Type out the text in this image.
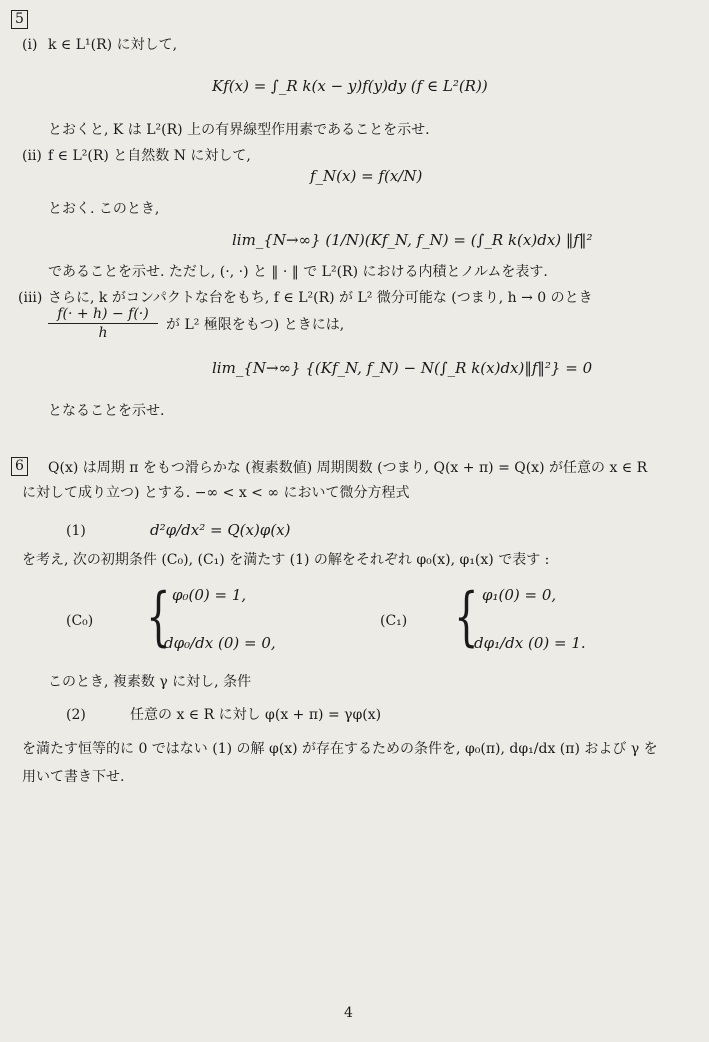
5
(i) k ∈ L¹(R) に対して,
Kf(x) = ∫_R k(x − y)f(y)dy (f ∈ L²(R))
とおくと, K は L²(R) 上の有界線型作用素であることを示せ.
(ii) f ∈ L²(R) と自然数 N に対して,
f_N(x) = f(x/N)
とおく. このとき,
lim_{N→∞} (1/N)(Kf_N, f_N) = (∫_R k(x)dx) ‖f‖²
であることを示せ. ただし, (·, ·) と ‖ · ‖ で L²(R) における内積とノルムを表す.
(iii) さらに, k がコンパクトな台をもち, f ∈ L²(R) が L² 微分可能な (つまり, h → 0 のとき
f(· + h) − f(·)
h	が L² 極限をもつ) ときには,
lim_{N→∞} {(Kf_N, f_N) − N(∫_R k(x)dx)‖f‖²} = 0
となることを示せ.
6 Q(x) は周期 π をもつ滑らかな (複素数値) 周期関数 (つまり, Q(x + π) = Q(x) が任意の x ∈ R
に対して成り立つ) とする. −∞ < x < ∞ において微分方程式
(1)	d²φ/dx² = Q(x)φ(x)
を考え, 次の初期条件 (C₀), (C₁) を満たす (1) の解をそれぞれ φ₀(x), φ₁(x) で表す :
(C₀) { φ₀(0) = 1,
dφ₀/dx (0) = 0,
(C₁) { φ₁(0) = 0,
dφ₁/dx (0) = 1.
このとき, 複素数 γ に対し, 条件
(2)	任意の x ∈ R に対し φ(x + π) = γφ(x)
を満たす恒等的に 0 ではない (1) の解 φ(x) が存在するための条件を, φ₀(π), dφ₁/dx (π) および γ を
用いて書き下せ.
4
